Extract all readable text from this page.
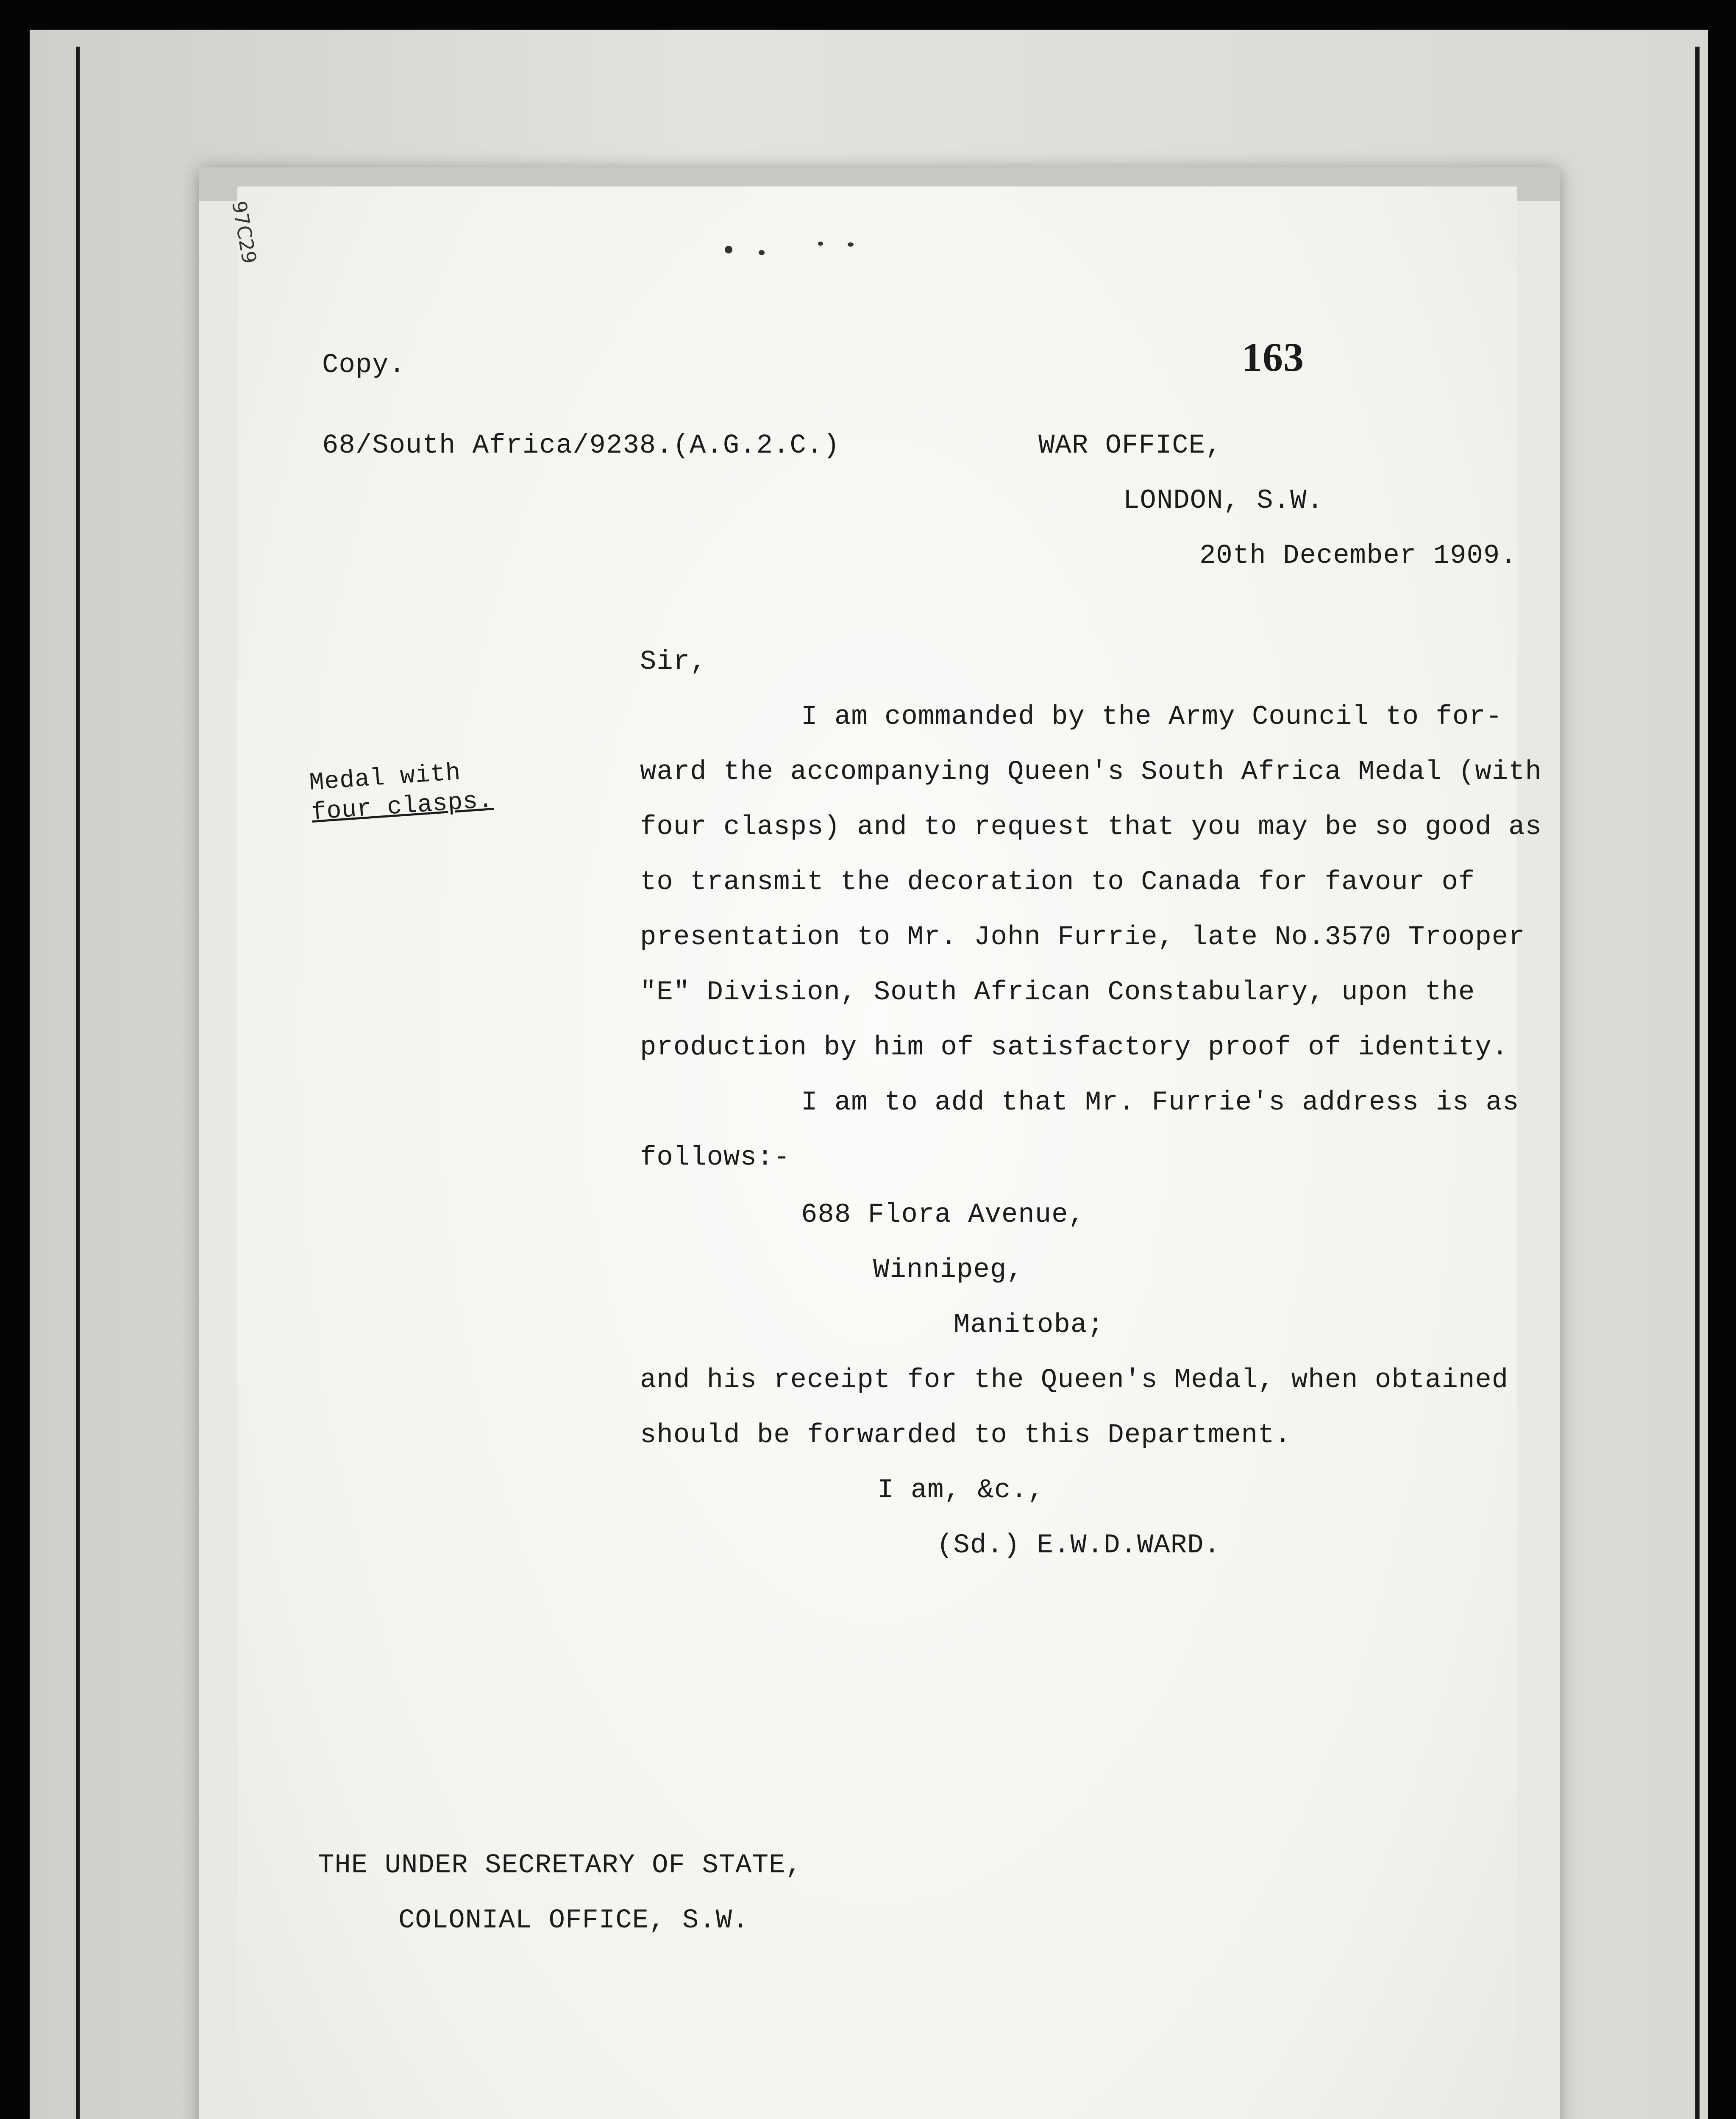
Copy.	163
68/South Africa/9238.(A.G.2.C.)	WAR OFFICE,
LONDON, S.W.
20th December 1909.
Sir,
Medal with
four clasps.
I am commanded by the Army Council to for-
ward the accompanying Queen's South Africa Medal (with
four clasps) and to request that you may be so good as
to transmit the decoration to Canada for favour of
presentation to Mr. John Furrie, late No.3570 Trooper
"E" Division, South African Constabulary, upon the
production by him of satisfactory proof of identity.
I am to add that Mr. Furrie's address is as
follows:-
688 Flora Avenue,
Winnipeg,
Manitoba;
and his receipt for the Queen's Medal, when obtained
should be forwarded to this Department.
I am, &c.,
(Sd.) E.W.D.WARD.
THE UNDER SECRETARY OF STATE,
COLONIAL OFFICE, S.W.
97C29
